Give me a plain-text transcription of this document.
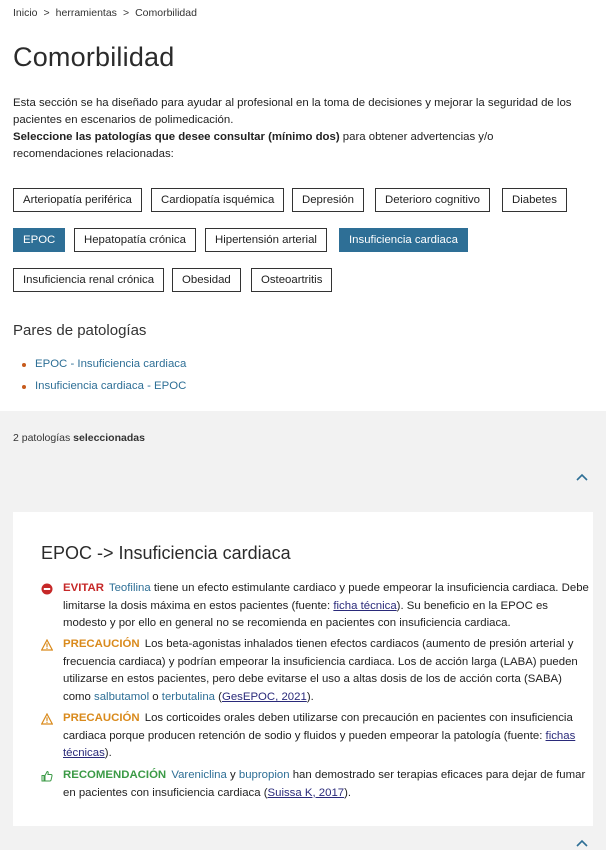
Inicio > herramientas > Comorbilidad
Comorbilidad
Esta sección se ha diseñado para ayudar al profesional en la toma de decisiones y mejorar la seguridad de los pacientes en escenarios de polimedicación.
Seleccione las patologías que desee consultar (mínimo dos) para obtener advertencias y/o recomendaciones relacionadas:
Arteriopatía periférica	Cardiopatía isquémica	Depresión	Deterioro cognitivo	Diabetes
EPOC	Hepatopatía crónica	Hipertensión arterial	Insuficiencia cardiaca
Insuficiencia renal crónica	Obesidad	Osteoartritis
Pares de patologías
EPOC - Insuficiencia cardiaca
Insuficiencia cardiaca - EPOC
2 patologías seleccionadas
EPOC -> Insuficiencia cardiaca
EVITAR Teofilina tiene un efecto estimulante cardiaco y puede empeorar la insuficiencia cardiaca. Debe limitarse la dosis máxima en estos pacientes (fuente: ficha técnica). Su beneficio en la EPOC es modesto y por ello en general no se recomienda en pacientes con insuficiencia cardiaca.
PRECAUCIÓN Los beta-agonistas inhalados tienen efectos cardiacos (aumento de presión arterial y frecuencia cardiaca) y podrían empeorar la insuficiencia cardiaca. Los de acción larga (LABA) pueden utilizarse en estos pacientes, pero debe evitarse el uso a altas dosis de los de acción corta (SABA) como salbutamol o terbutalina (GesEPOC, 2021).
PRECAUCIÓN Los corticoides orales deben utilizarse con precaución en pacientes con insuficiencia cardiaca porque producen retención de sodio y fluidos y pueden empeorar la patología (fuente: fichas técnicas).
RECOMENDACIÓN Vareniclina y bupropion han demostrado ser terapias eficaces para dejar de fumar en pacientes con insuficiencia cardiaca (Suissa K, 2017).
